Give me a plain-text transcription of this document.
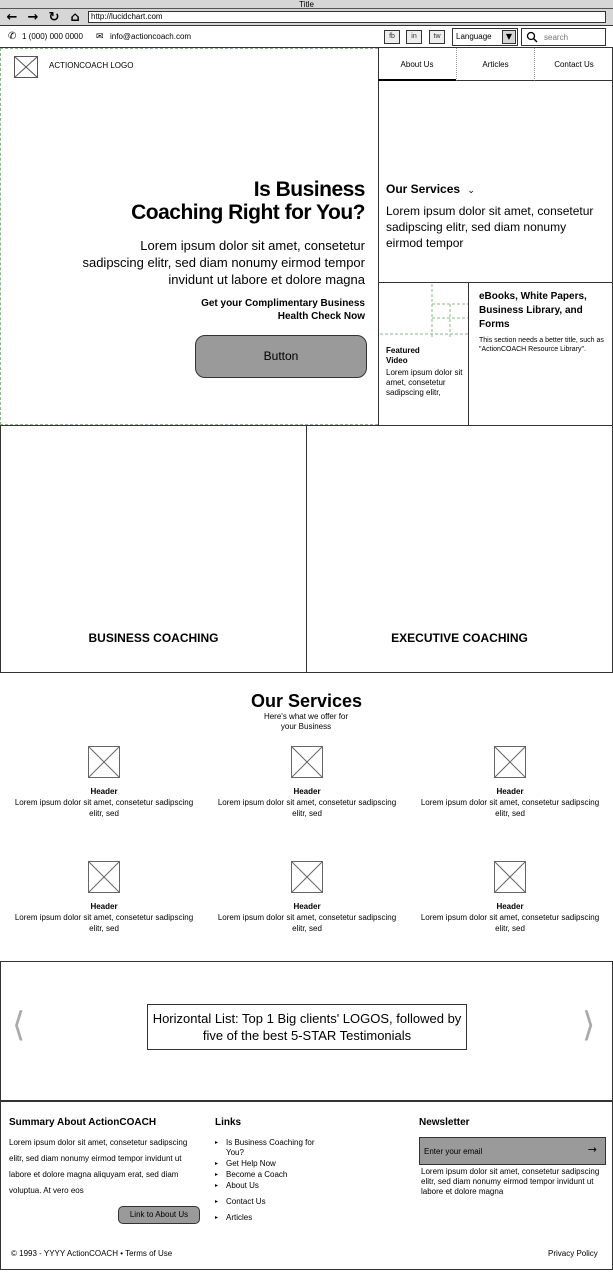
Title
← → ↻ ⌂	http://lucidchart.com
✆ 1 (000) 000 0000 ✉ info@actioncoach.com	fb	in	tw	Language	▼
search
ACTIONCOACH LOGO
Is Business
Coaching Right for You?
Lorem ipsum dolor sit amet, consetetur sadipscing elitr, sed diam nonumy eirmod tempor invidunt ut labore et dolore magna
Get your Complimentary Business
Health Check Now
Button
About Us	Articles	Contact Us
Our Services ⌄
Lorem ipsum dolor sit amet, consetetur sadipscing elitr, sed diam nonumy eirmod tempor
Featured
Video
Lorem ipsum dolor sit amet, consetetur sadipscing elitr,
eBooks, White Papers, Business Library, and Forms
This section needs a better title, such as "ActionCOACH Resource Library".
BUSINESS COACHING	EXECUTIVE COACHING
Our Services
Here's what we offer for your Business
Header
Lorem ipsum dolor sit amet, consetetur sadipscing elitr, sed
Header
Lorem ipsum dolor sit amet, consetetur sadipscing elitr, sed
Header
Lorem ipsum dolor sit amet, consetetur sadipscing elitr, sed
Header
Lorem ipsum dolor sit amet, consetetur sadipscing elitr, sed
Header
Lorem ipsum dolor sit amet, consetetur sadipscing elitr, sed
Header
Lorem ipsum dolor sit amet, consetetur sadipscing elitr, sed
⟨	⟩
Horizontal List: Top 1 Big clients' LOGOS, followed by five of the best 5-STAR Testimonials
Summary About ActionCOACH
Lorem ipsum dolor sit amet, consetetur sadipscing elitr, sed diam nonumy eirmod tempor invidunt ut labore et dolore magna aliquyam erat, sed diam voluptua. At vero eos
Link to About Us
Links
▸ Is Business Coaching for You?
▸ Get Help Now
▸ Become a Coach
▸ About Us
▸ Contact Us
▸ Articles
Newsletter
Enter your email
→
Lorem ipsum dolor sit amet, consetetur sadipscing elitr, sed diam nonumy eirmod tempor invidunt ut labore et dolore magna
© 1993 - YYYY ActionCOACH • Terms of Use	Privacy Policy
